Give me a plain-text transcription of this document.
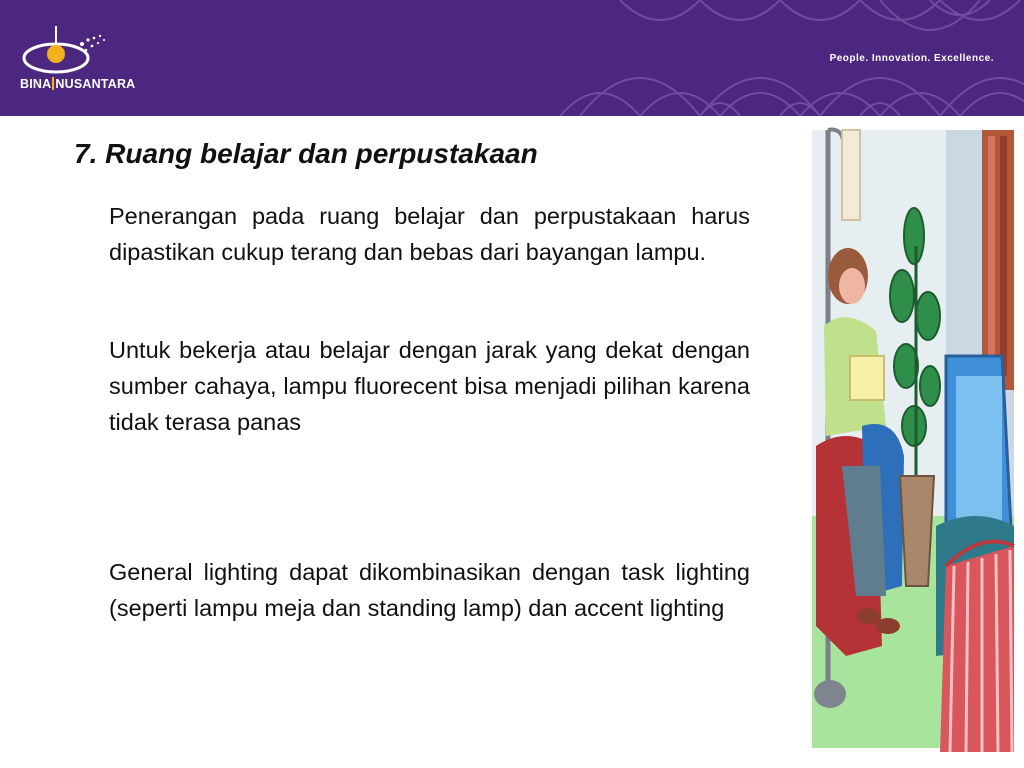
BINA NUSANTARA
People. Innovation. Excellence.
7. Ruang belajar dan perpustakaan

Penerangan pada ruang belajar dan perpustakaan harus dipastikan cukup terang dan bebas dari bayangan lampu.

Untuk bekerja atau belajar dengan jarak yang dekat dengan sumber cahaya, lampu fluorecent bisa menjadi pilihan karena tidak terasa panas

General lighting dapat dikombinasikan dengan task lighting (seperti lampu meja dan standing lamp) dan accent lighting
